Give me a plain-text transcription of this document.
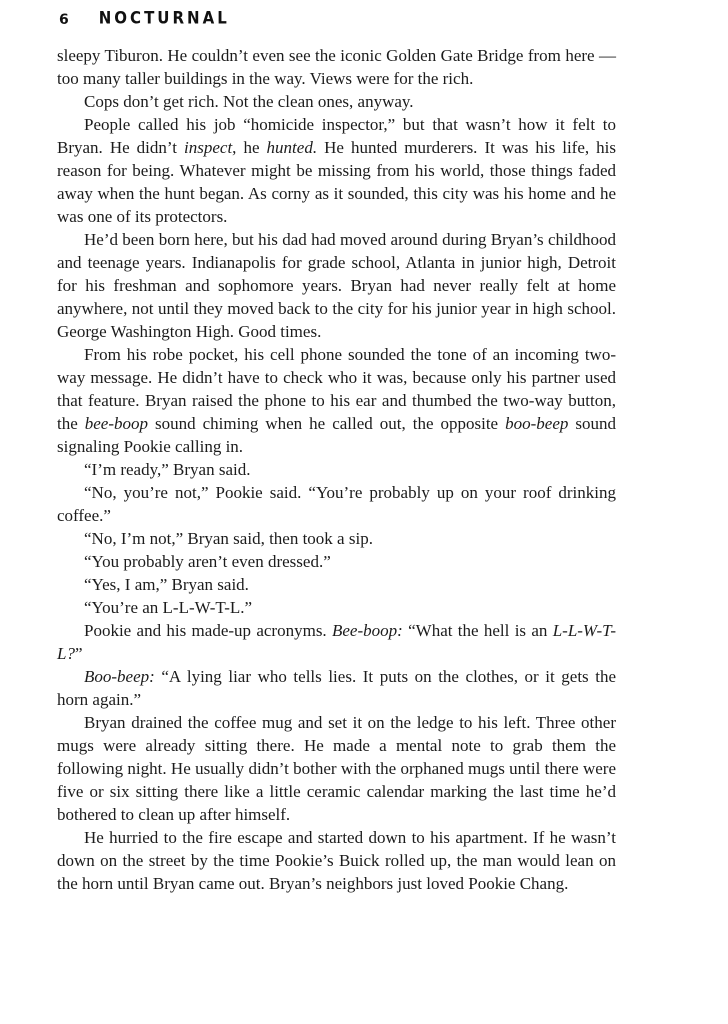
6 NOCTURNAL

sleepy Tiburon. He couldn’t even see the iconic Golden Gate Bridge from here — too many taller buildings in the way. Views were for the rich.

Cops don’t get rich. Not the clean ones, anyway.

People called his job “homicide inspector,” but that wasn’t how it felt to Bryan. He didn’t inspect, he hunted. He hunted murderers. It was his life, his reason for being. Whatever might be missing from his world, those things faded away when the hunt began. As corny as it sounded, this city was his home and he was one of its protectors.

He’d been born here, but his dad had moved around during Bryan’s childhood and teenage years. Indianapolis for grade school, Atlanta in junior high, Detroit for his freshman and sophomore years. Bryan had never really felt at home anywhere, not until they moved back to the city for his junior year in high school. George Washington High. Good times.

From his robe pocket, his cell phone sounded the tone of an incoming two-way message. He didn’t have to check who it was, because only his partner used that feature. Bryan raised the phone to his ear and thumbed the two-way button, the bee-boop sound chiming when he called out, the opposite boo-beep sound signaling Pookie calling in.

“I’m ready,” Bryan said.

“No, you’re not,” Pookie said. “You’re probably up on your roof drinking coffee.”

“No, I’m not,” Bryan said, then took a sip.

“You probably aren’t even dressed.”

“Yes, I am,” Bryan said.

“You’re an L-L-W-T-L.”

Pookie and his made-up acronyms. Bee-boop: “What the hell is an L-L-W-T-L?”

Boo-beep: “A lying liar who tells lies. It puts on the clothes, or it gets the horn again.”

Bryan drained the coffee mug and set it on the ledge to his left. Three other mugs were already sitting there. He made a mental note to grab them the following night. He usually didn’t bother with the orphaned mugs until there were five or six sitting there like a little ceramic calendar marking the last time he’d bothered to clean up after himself.

He hurried to the fire escape and started down to his apartment. If he wasn’t down on the street by the time Pookie’s Buick rolled up, the man would lean on the horn until Bryan came out. Bryan’s neighbors just loved Pookie Chang.
